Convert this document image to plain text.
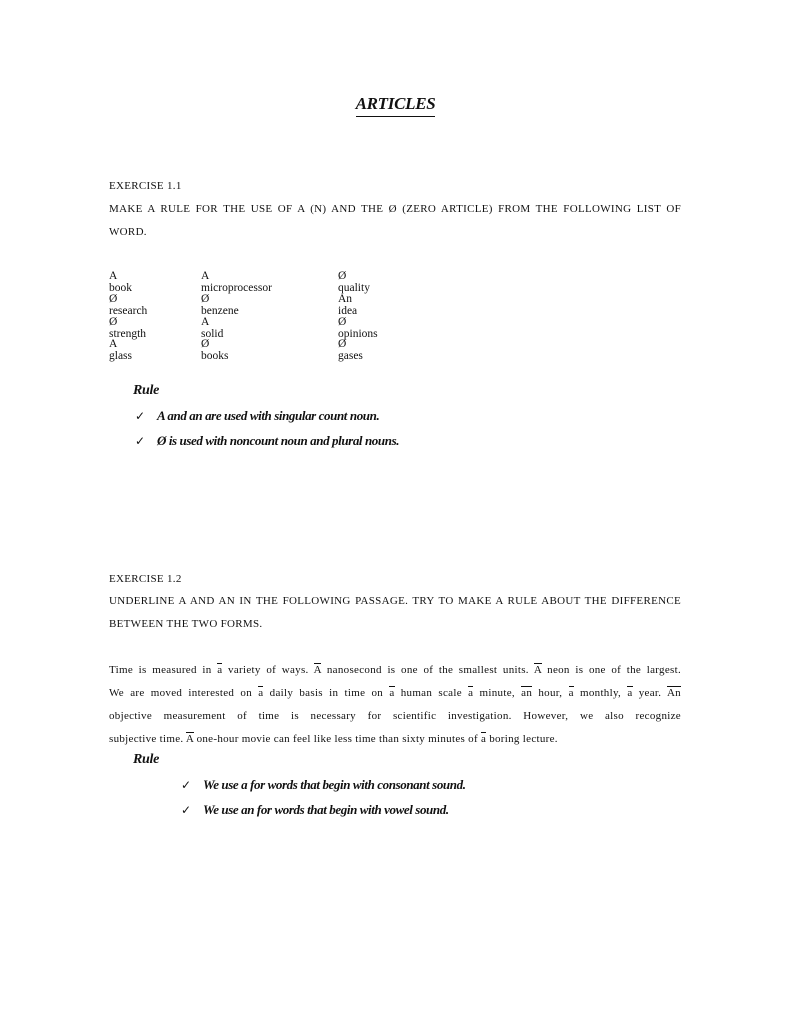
ARTICLES
EXERCISE 1.1
MAKE A RULE FOR THE USE OF A (N) AND THE Ø (ZERO ARTICLE) FROM THE FOLLOWING LIST OF
WORD.
A book
A microprocessor
Ø quality
Ø research
Ø benzene
An idea
Ø strength
A solid
Ø opinions
A glass
Ø books
Ø gases
Rule
✓ A and an are used with singular count noun.
✓ Ø is used with noncount noun and plural nouns.
EXERCISE 1.2
UNDERLINE A AND AN IN THE FOLLOWING PASSAGE. TRY TO MAKE A RULE ABOUT THE DIFFERENCE
BETWEEN THE TWO FORMS.
Time is measured in a variety of ways. A nanosecond is one of the smallest units. A neon is one of the largest.
We are moved interested on a daily basis in time on a human scale a minute, an hour, a monthly, a year. An
objective measurement of time is necessary for scientific investigation. However, we also recognize
subjective time. A one-hour movie can feel like less time than sixty minutes of a boring lecture.
Rule
✓ We use a for words that begin with consonant sound.
✓ We use an for words that begin with vowel sound.
